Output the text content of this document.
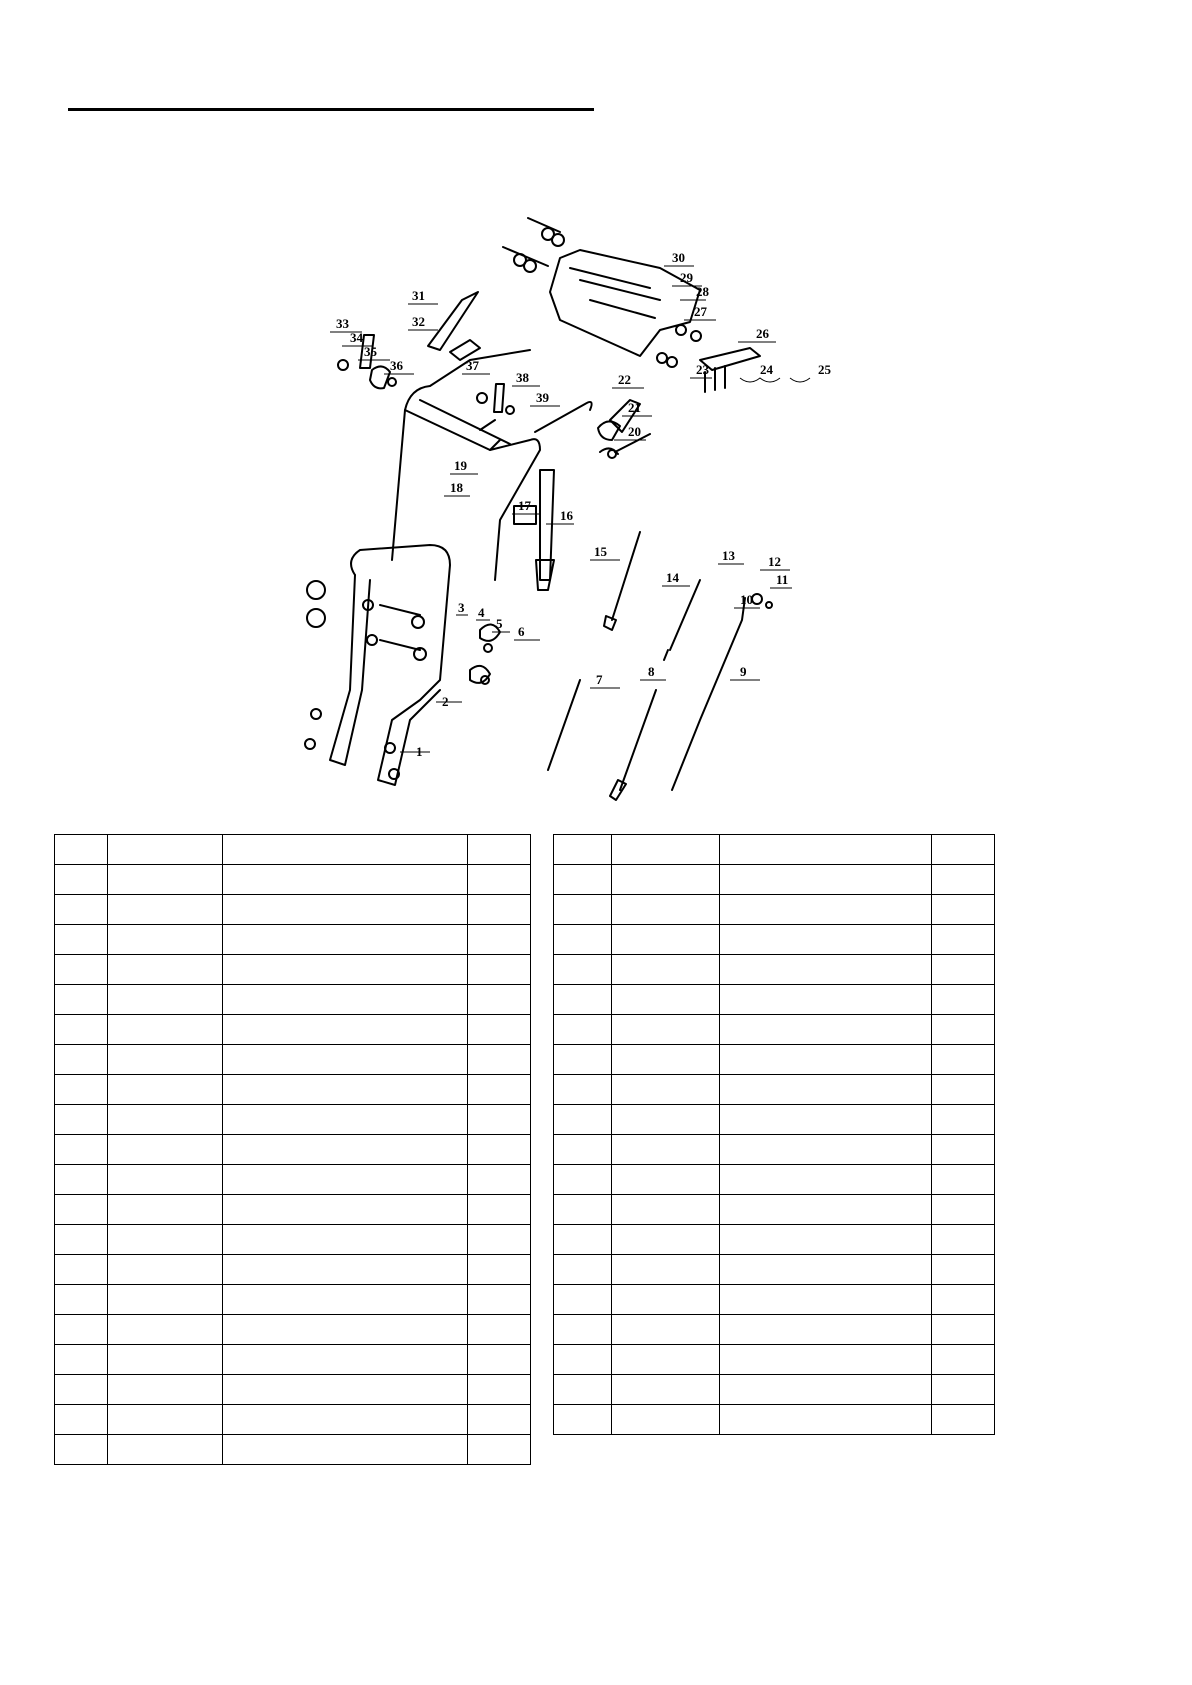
1
2
3 4
5
6
7
8	9
10
11
12
13
14
15
16
17
18
19
20
21
22
23	24	25
26
27
28
29
30
31
32
33
34
35
36	37
38
39
